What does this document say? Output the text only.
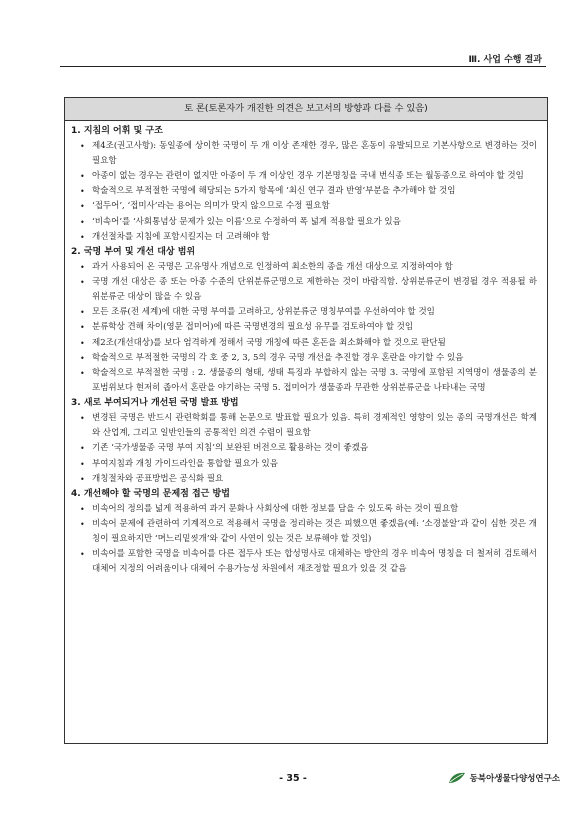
Ⅲ. 사업 수행 결과
토 론(토론자가 개진한 의견은 보고서의 방향과 다를 수 있음)
1. 지침의 어휘 및 구조
• 제4조(권고사항): 동일종에 상이한 국명이 두 개 이상 존재한 경우, 많은 혼동이 유발되므로 기본사항으로 변경하는 것이 필요함
• 아종이 없는 경우는 관련이 없지만 아종이 두 개 이상인 경우 기본명칭을 국내 번식종 또는 월동종으로 하여야 할 것임
• 학술적으로 부적절한 국명에 해당되는 5가지 항목에 ‘최신 연구 결과 반영’부분을 추가해야 할 것임
• ‘접두어’, ‘접미사’라는 용어는 의미가 맞지 않으므로 수정 필요함
• ‘비속어’를 ‘사회통념상 문제가 있는 이름’으로 수정하여 폭 넓게 적용할 필요가 있음
• 개선절차를 지침에 포함시킬지는 더 고려해야 함
2. 국명 부여 및 개선 대상 범위
• 과거 사용되어 온 국명은 고유명사 개념으로 인정하여 최소한의 종을 개선 대상으로 지정하여야 함
• 국명 개선 대상은 종 또는 아종 수준의 단위분류군명으로 제한하는 것이 바람직함. 상위분류군이 변경될 경우 적용될 하위분류군 대상이 많을 수 있음
• 모든 조류(전 세계)에 대한 국명 부여를 고려하고, 상위분류군 명칭부여를 우선하여야 할 것임
• 분류학상 견해 차이(영문 접미어)에 따른 국명변경의 필요성 유무를 검토하여야 할 것임
• 제2조(개선대상)를 보다 엄격하게 정해서 국명 개칭에 따른 혼돈을 최소화해야 할 것으로 판단됨
• 학술적으로 부적절한 국명의 각 호 중 2, 3, 5의 경우 국명 개선을 추진할 경우 혼란을 야기할 수 있음
• 학술적으로 부적절한 국명 : 2. 생물종의 형태, 생태 특징과 부합하지 않는 국명 3. 국명에 포함된 지역명이 생물종의 분포범위보다 현저히 좁아서 혼란을 야기하는 국명 5. 접미어가 생물종과 무관한 상위분류군을 나타내는 국명
3. 새로 부여되거나 개선된 국명 발표 방법
• 변경된 국명은 반드시 관련학회를 통해 논문으로 발표할 필요가 있음. 특히 경제적인 영향이 있는 종의 국명개선은 학계와 산업계, 그리고 일반인들의 공통적인 의견 수렴이 필요함
• 기존 ‘국가생물종 국명 부여 지침’의 보완된 버전으로 활용하는 것이 좋겠음
• 부여지침과 개칭 가이드라인을 통합할 필요가 있음
• 개칭절차와 공표방법은 공식화 필요
4. 개선해야 할 국명의 문제점 접근 방법
• 비속어의 정의를 넓게 적용하여 과거 문화나 사회상에 대한 정보를 담을 수 있도록 하는 것이 필요함
• 비속어 문제에 관련하여 기계적으로 적용해서 국명을 정리하는 것은 피했으면 좋겠음(예: ‘소경불알’과 같이 심한 것은 개칭이 필요하지만 ‘며느리밑씻개’와 같이 사연이 있는 것은 보류해야 할 것임)
• 비속어를 포함한 국명을 비속어를 다른 접두사 또는 합성명사로 대체하는 방안의 경우 비속어 명칭을 더 철저히 검토해서 대체어 지정의 어려움이나 대체어 수용가능성 차원에서 재조정할 필요가 있을 것 같음
- 35 -	동북아생물다양성연구소
